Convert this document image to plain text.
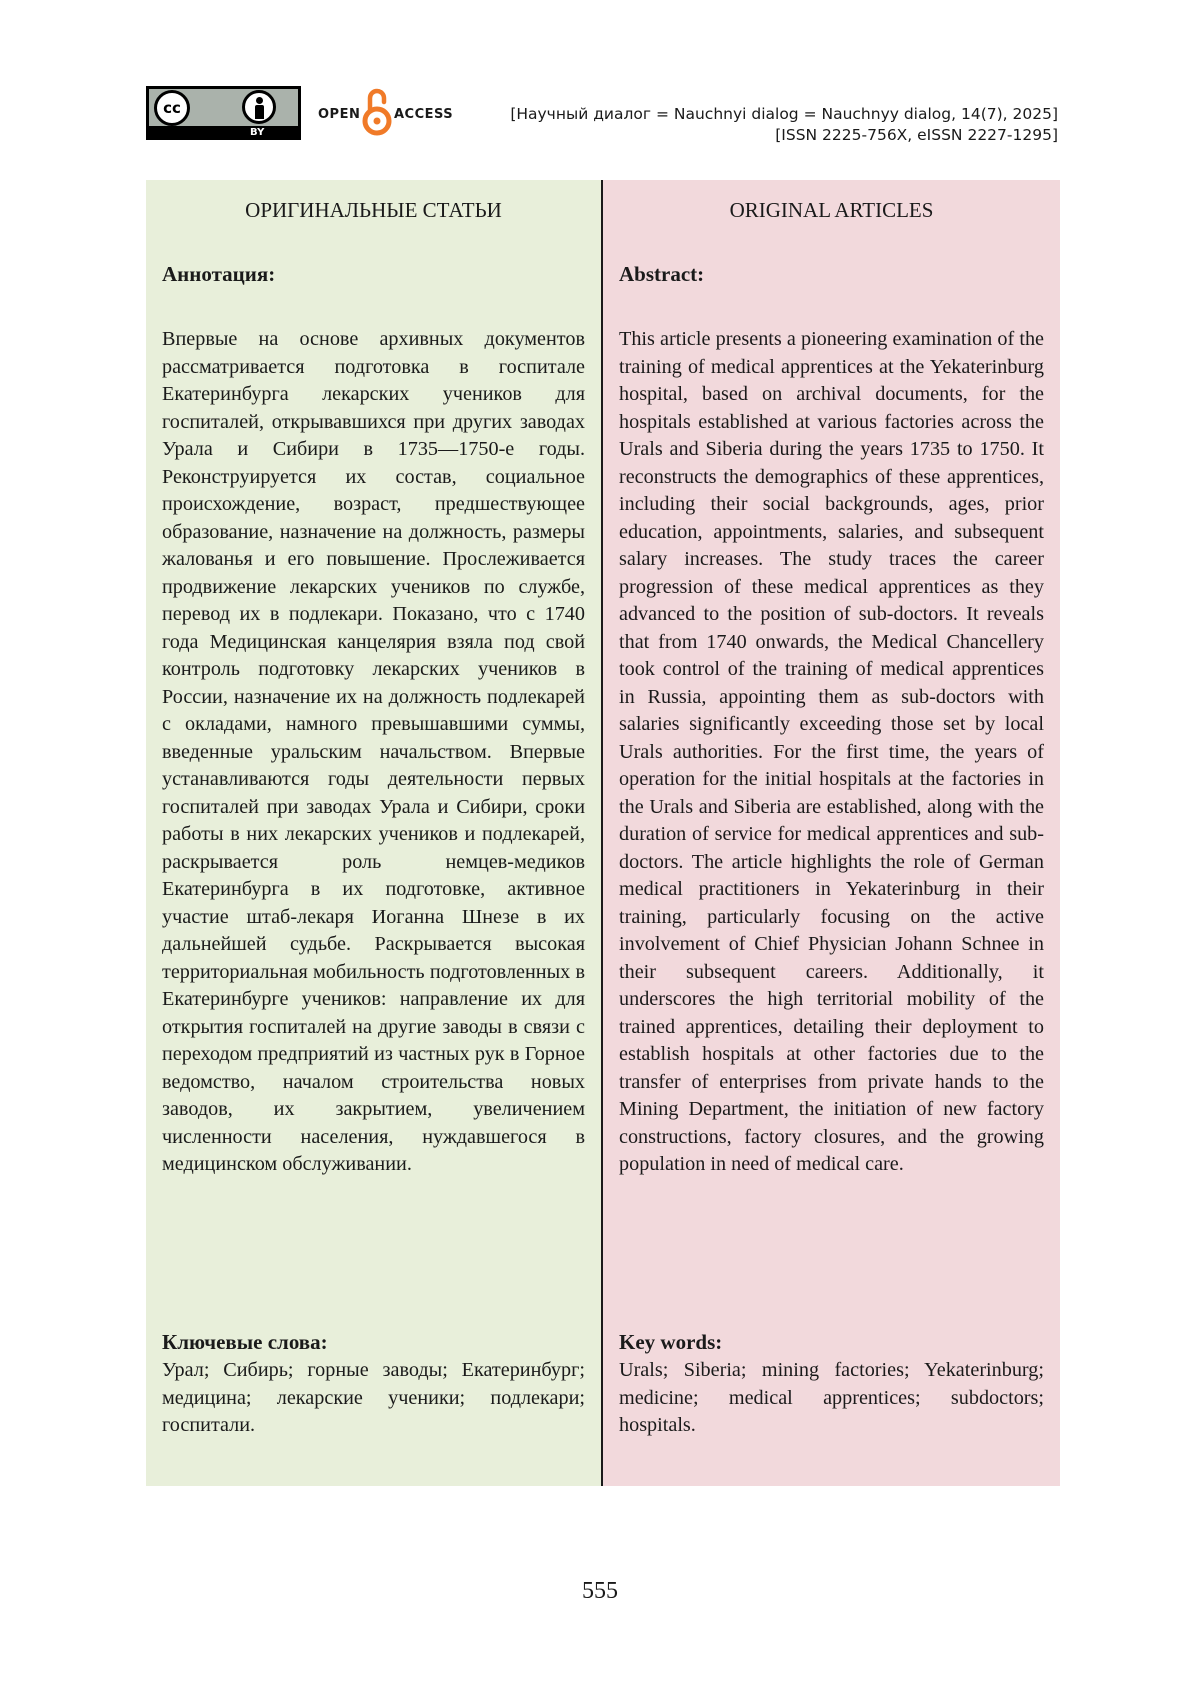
cc
BY
OPEN	ACCESS	[Научный диалог = Nauchnyi dialog = Nauchnyy dialog, 14(7), 2025]
[ISSN 2225-756X, eISSN 2227-1295]
ОРИГИНАЛЬНЫЕ СТАТЬИ
Аннотация:

Впервые на основе архивных документов рассматривается подготовка в госпитале Екатеринбурга лекарских учеников для госпиталей, открывавшихся при других заводах Урала и Сибири в 1735—1750-е годы. Реконструируется их состав, социальное происхождение, возраст, предшествующее образование, назначение на должность, размеры жалованья и его повышение. Прослеживается продвижение лекарских учеников по службе, перевод их в подлекари. Показано, что с 1740 года Медицинская канцелярия взяла под свой контроль подготовку лекарских учеников в России, назначение их на должность подлекарей с окладами, намного превышавшими суммы, введенные уральским начальством. Впервые устанавливаются годы деятельности первых госпиталей при заводах Урала и Сибири, сроки работы в них лекарских учеников и подлекарей, раскрывается роль немцев-медиков Екатеринбурга в их подготовке, активное участие штаб-лекаря Иоганна Шнезе в их дальнейшей судьбе. Раскрывается высокая территориальная мобильность подготовленных в Екатеринбурге учеников: направление их для открытия госпиталей на другие заводы в связи с переходом предприятий из частных рук в Горное ведомство, началом строительства новых заводов, их закрытием, увеличением численности населения, нуждавшегося в медицинском обслуживании.

Ключевые слова:

Урал; Сибирь; горные заводы; Екатеринбург; медицина; лекарские ученики; подлекари; госпитали.

ORIGINAL ARTICLES
Abstract:

This article presents a pioneering examination of the training of medical apprentices at the Yekaterinburg hospital, based on archival documents, for the hospitals established at various factories across the Urals and Siberia during the years 1735 to 1750. It reconstructs the demographics of these apprentices, including their social backgrounds, ages, prior education, appointments, salaries, and subsequent salary increases. The study traces the career progression of these medical apprentices as they advanced to the position of sub-doctors. It reveals that from 1740 onwards, the Medical Chancellery took control of the training of medical apprentices in Russia, appointing them as sub-doctors with salaries significantly exceeding those set by local Urals authorities. For the first time, the years of operation for the initial hospitals at the factories in the Urals and Siberia are established, along with the duration of service for medical apprentices and sub-doctors. The article highlights the role of German medical practitioners in Yekaterinburg in their training, particularly focusing on the active involvement of Chief Physician Johann Schnee in their subsequent careers. Additionally, it underscores the high territorial mobility of the trained apprentices, detailing their deployment to establish hospitals at other factories due to the transfer of enterprises from private hands to the Mining Department, the initiation of new factory constructions, factory closures, and the growing population in need of medical care.

Key words:

Urals; Siberia; mining factories; Yekaterinburg; medicine; medical apprentices; subdoctors; hospitals.

555
